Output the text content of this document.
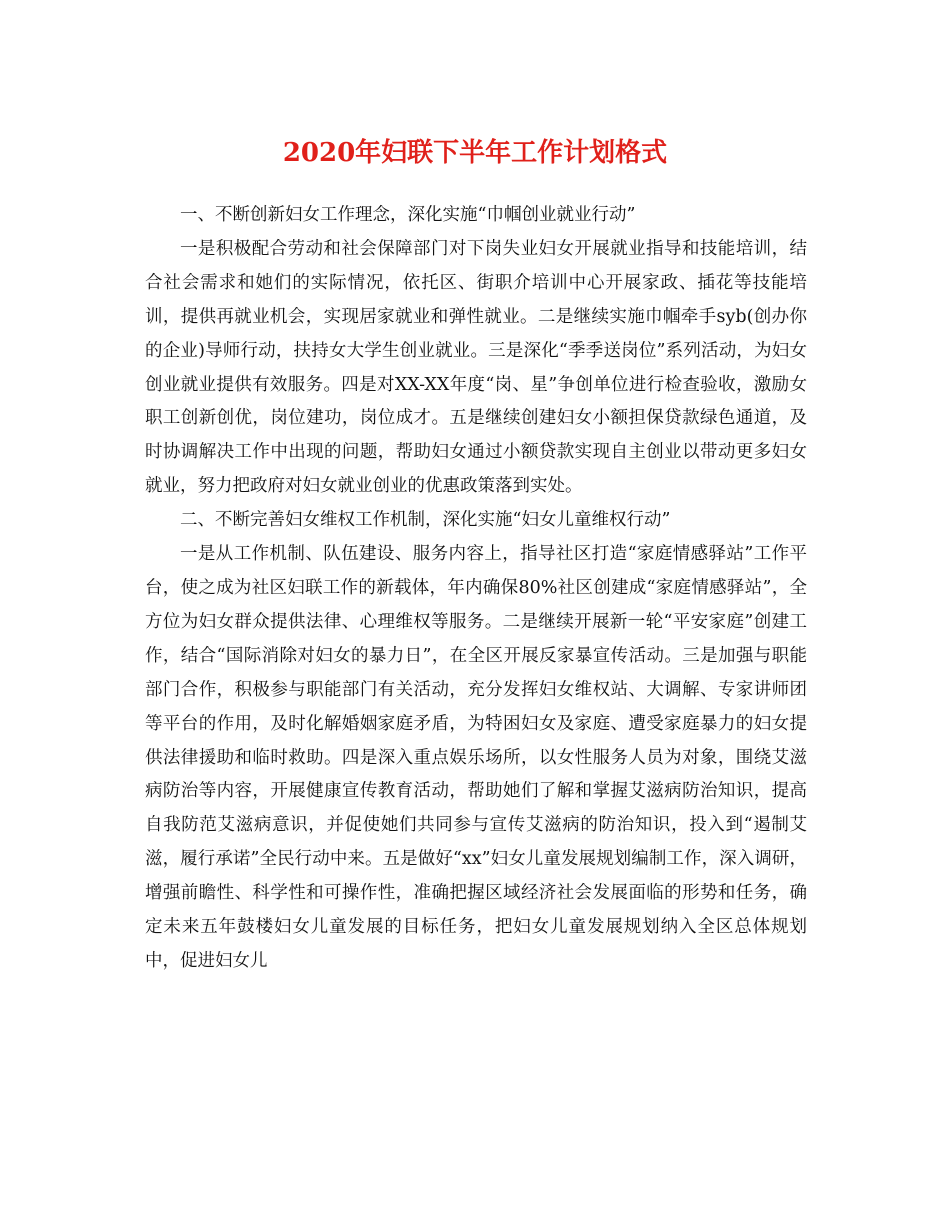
2020年妇联下半年工作计划格式

一、不断创新妇女工作理念，深化实施“巾帼创业就业行动”

一是积极配合劳动和社会保障部门对下岗失业妇女开展就业指导和技能培训，结合社会需求和她们的实际情况，依托区、街职介培训中心开展家政、插花等技能培训，提供再就业机会，实现居家就业和弹性就业。二是继续实施巾帼牵手syb(创办你的企业)导师行动，扶持女大学生创业就业。三是深化“季季送岗位”系列活动，为妇女创业就业提供有效服务。四是对XX-XX年度“岗、星”争创单位进行检查验收，激励女职工创新创优，岗位建功，岗位成才。五是继续创建妇女小额担保贷款绿色通道，及时协调解决工作中出现的问题，帮助妇女通过小额贷款实现自主创业以带动更多妇女就业，努力把政府对妇女就业创业的优惠政策落到实处。

二、不断完善妇女维权工作机制，深化实施“妇女儿童维权行动”

一是从工作机制、队伍建设、服务内容上，指导社区打造“家庭情感驿站”工作平台，使之成为社区妇联工作的新载体，年内确保80%社区创建成“家庭情感驿站”，全方位为妇女群众提供法律、心理维权等服务。二是继续开展新一轮“平安家庭”创建工作，结合“国际消除对妇女的暴力日”，在全区开展反家暴宣传活动。三是加强与职能部门合作，积极参与职能部门有关活动，充分发挥妇女维权站、大调解、专家讲师团等平台的作用，及时化解婚姻家庭矛盾，为特困妇女及家庭、遭受家庭暴力的妇女提供法律援助和临时救助。四是深入重点娱乐场所，以女性服务人员为对象，围绕艾滋病防治等内容，开展健康宣传教育活动，帮助她们了解和掌握艾滋病防治知识，提高自我防范艾滋病意识，并促使她们共同参与宣传艾滋病的防治知识，投入到“遏制艾滋，履行承诺”全民行动中来。五是做好“xx”妇女儿童发展规划编制工作，深入调研，增强前瞻性、科学性和可操作性，准确把握区域经济社会发展面临的形势和任务，确定未来五年鼓楼妇女儿童发展的目标任务，把妇女儿童发展规划纳入全区总体规划中，促进妇女儿
